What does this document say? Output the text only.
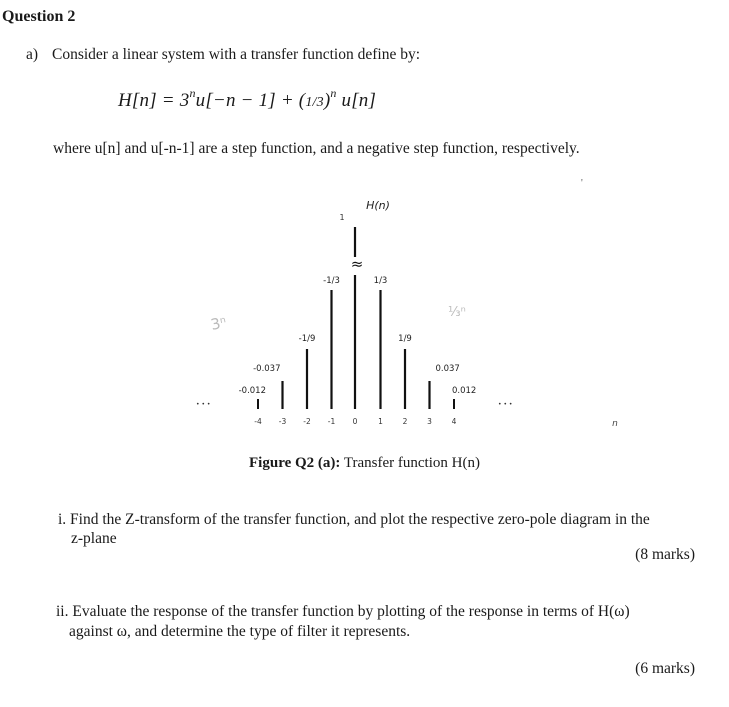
Question 2
a) Consider a linear system with a transfer function define by:
$H[n] = 3^nu[-n - 1] + (1/3)^n$ u[n]
where u[n] and u[-n-1] are a step function, and a negative step function, respectively.
'
H(n)
n
3ⁿ
⅓ⁿ
• • •	• • •
1
≈
-4
-0.012
-3
-0.037
-2
-1/9
-1
-1/3
0	1
1/3
2
1/9
3
0.037
4
0.012
Figure Q2 (a): Transfer function H(n)
i. Find the Z-transform of the transfer function, and plot the respective zero-pole diagram in the
z-plane
(8 marks)
ii. Evaluate the response of the transfer function by plotting of the response in terms of H(ω)
against ω, and determine the type of filter it represents.
(6 marks)
